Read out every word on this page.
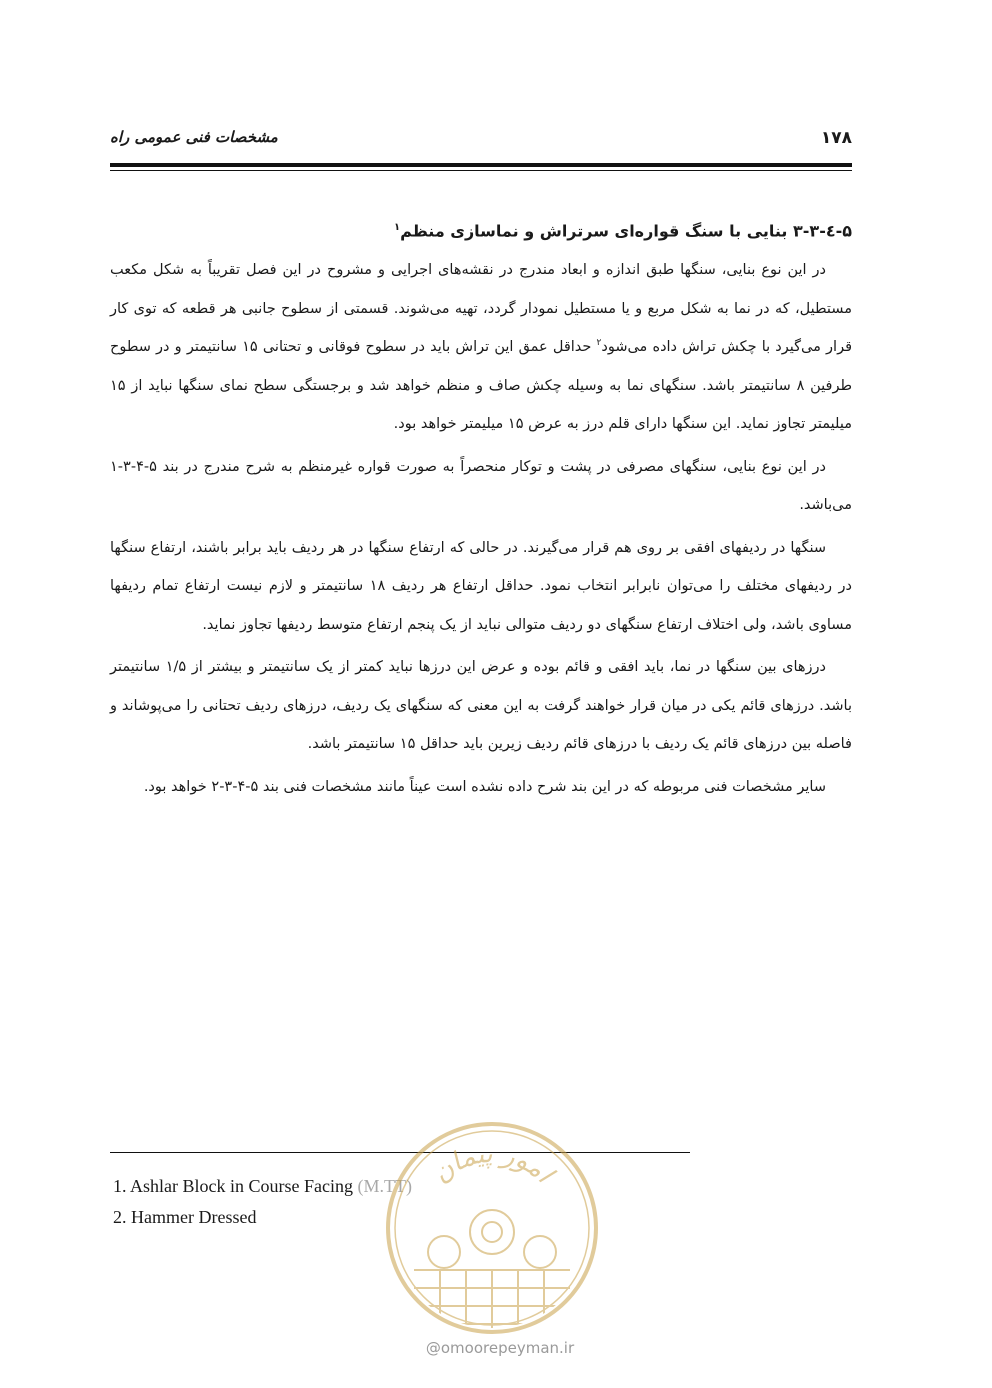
۱۷۸
مشخصات فنی عمومی راه
۵-٤-۳-۳ بنایی با سنگ قواره‌ای سرتراش و نماسازی منظم$^۱$

در این نوع بنایی، سنگها طبق اندازه و ابعاد مندرج در نقشه‌های اجرایی و مشروح در این فصل تقریباً به شکل مکعب مستطیل، که در نما به شکل مربع و یا مستطیل نمودار گردد، تهیه می‌شوند. قسمتی از سطوح جانبی هر قطعه که توی کار قرار می‌گیرد با چکش تراش داده می‌شود$^۲$ حداقل عمق این تراش باید در سطوح فوقانی و تحتانی ۱۵ سانتیمتر و در سطوح طرفین ۸ سانتیمتر باشد. سنگهای نما به وسیله چکش صاف و منظم خواهد شد و برجستگی سطح نمای سنگها نباید از ۱۵ میلیمتر تجاوز نماید. این سنگها دارای قلم درز به عرض ۱۵ میلیمتر خواهد بود.

در این نوع بنایی، سنگهای مصرفی در پشت و توکار منحصراً به صورت قواره غیرمنظم به شرح مندرج در بند ۵-۴-۳-۱ می‌باشد.

سنگها در ردیفهای افقی بر روی هم قرار می‌گیرند. در حالی که ارتفاع سنگها در هر ردیف باید برابر باشند، ارتفاع سنگها در ردیفهای مختلف را می‌توان نابرابر انتخاب نمود. حداقل ارتفاع هر ردیف ۱۸ سانتیمتر و لازم نیست ارتفاع تمام ردیفها مساوی باشد، ولی اختلاف ارتفاع سنگهای دو ردیف متوالی نباید از یک پنجم ارتفاع متوسط ردیفها تجاوز نماید.

درزهای بین سنگها در نما، باید افقی و قائم بوده و عرض این درزها نباید کمتر از یک سانتیمتر و بیشتر از ۱/۵ سانتیمتر باشد. درزهای قائم یکی در میان قرار خواهند گرفت به این معنی که سنگهای یک ردیف، درزهای ردیف تحتانی را می‌پوشاند و فاصله بین درزهای قائم یک ردیف با درزهای قائم ردیف زیرین باید حداقل ۱۵ سانتیمتر باشد.

سایر مشخصات فنی مربوطه که در این بند شرح داده نشده است عیناً مانند مشخصات فنی بند ۵-۴-۳-۲ خواهد بود.

1. Ashlar Block in Course Facing (M.TT)
2. Hammer Dressed
امور پیمان
@omoorepeyman.ir
